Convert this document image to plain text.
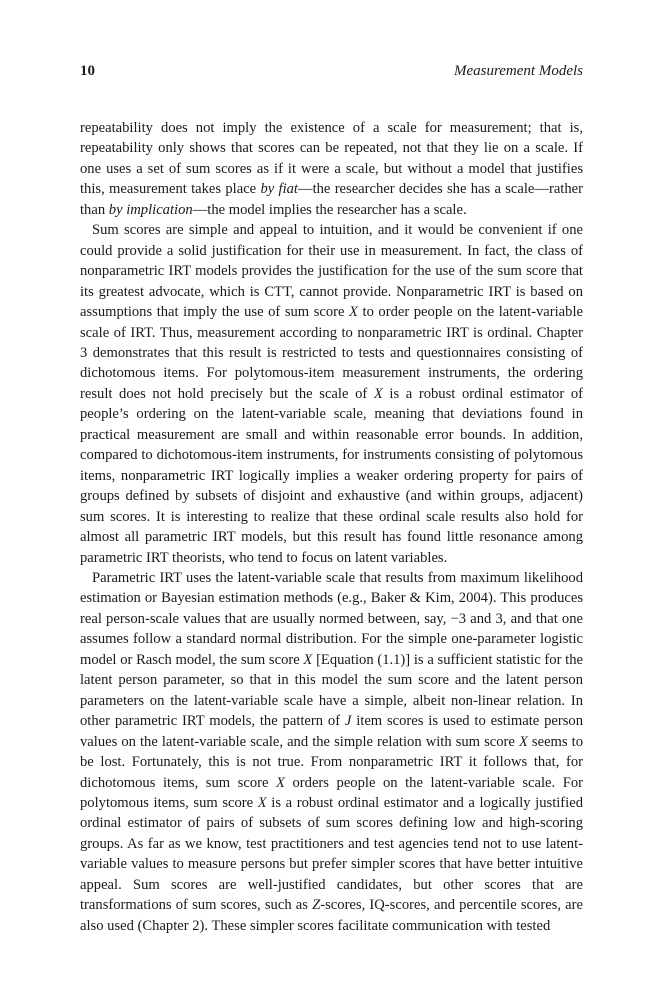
10	Measurement Models

repeatability does not imply the existence of a scale for measurement; that is, repeatability only shows that scores can be repeated, not that they lie on a scale. If one uses a set of sum scores as if it were a scale, but without a model that justifies this, measurement takes place by fiat—the researcher decides she has a scale—rather than by implication—the model implies the researcher has a scale.

Sum scores are simple and appeal to intuition, and it would be convenient if one could provide a solid justification for their use in measurement. In fact, the class of nonparametric IRT models provides the justification for the use of the sum score that its greatest advocate, which is CTT, cannot provide. Nonparametric IRT is based on assumptions that imply the use of sum score X to order people on the latent-variable scale of IRT. Thus, measurement according to nonparametric IRT is ordinal. Chapter 3 demonstrates that this result is restricted to tests and questionnaires consisting of dichotomous items. For polytomous-item measurement instruments, the ordering result does not hold precisely but the scale of X is a robust ordinal estimator of people’s ordering on the latent-variable scale, meaning that deviations found in practical measurement are small and within reasonable error bounds. In addition, compared to dichotomous-item instruments, for instruments consisting of polytomous items, nonparametric IRT logically implies a weaker ordering property for pairs of groups defined by subsets of disjoint and exhaustive (and within groups, adjacent) sum scores. It is interesting to realize that these ordinal scale results also hold for almost all parametric IRT models, but this result has found little resonance among parametric IRT theorists, who tend to focus on latent variables.

Parametric IRT uses the latent-variable scale that results from maximum likelihood estimation or Bayesian estimation methods (e.g., Baker & Kim, 2004). This produces real person-scale values that are usually normed between, say, −3 and 3, and that one assumes follow a standard normal distribution. For the simple one-parameter logistic model or Rasch model, the sum score X [Equation (1.1)] is a sufficient statistic for the latent person parameter, so that in this model the sum score and the latent person parameters on the latent-variable scale have a simple, albeit non-linear relation. In other parametric IRT models, the pattern of J item scores is used to estimate person values on the latent-variable scale, and the simple relation with sum score X seems to be lost. Fortunately, this is not true. From nonparametric IRT it follows that, for dichotomous items, sum score X orders people on the latent-variable scale. For polytomous items, sum score X is a robust ordinal estimator and a logically justified ordinal estimator of pairs of subsets of sum scores defining low and high-scoring groups. As far as we know, test practitioners and test agencies tend not to use latent-variable values to measure persons but prefer simpler scores that have better intuitive appeal. Sum scores are well-justified candidates, but other scores that are transformations of sum scores, such as Z-scores, IQ-scores, and percentile scores, are also used (Chapter 2). These simpler scores facilitate communication with tested
